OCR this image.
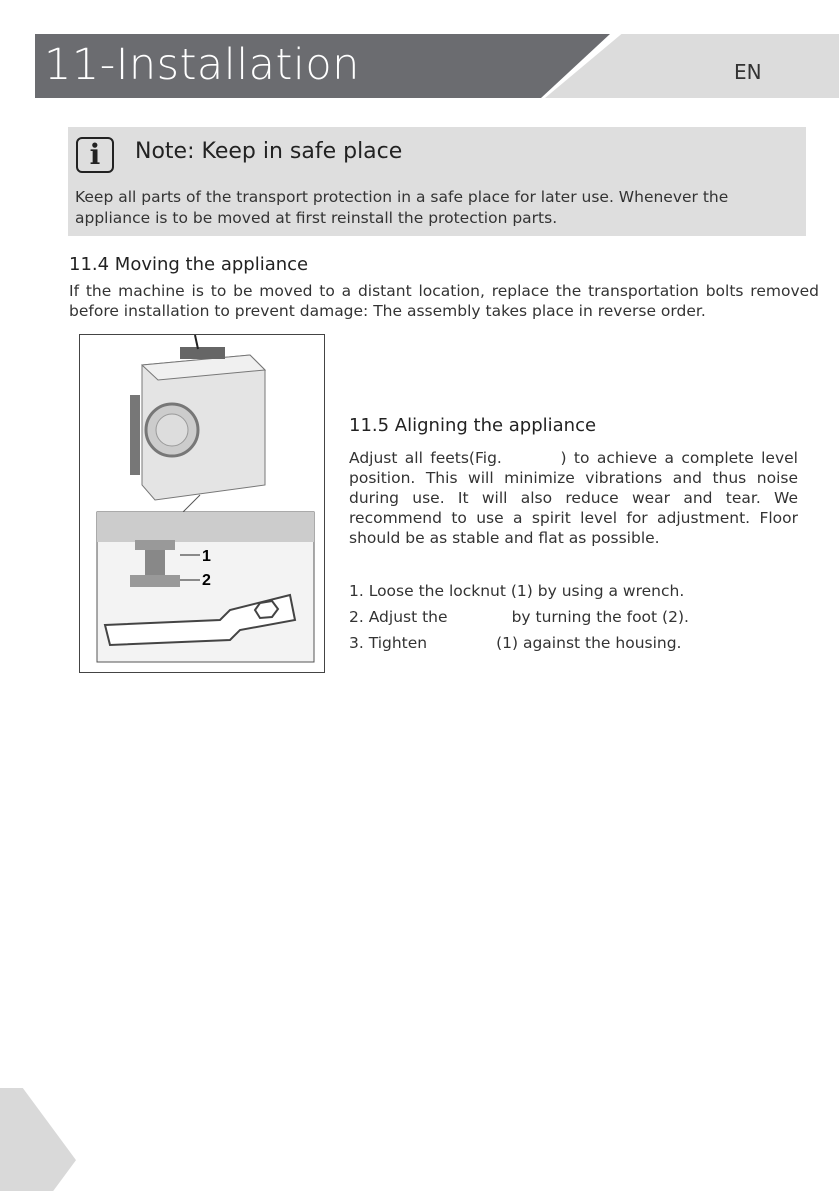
11-Installation	EN
i	Note: Keep in safe place
Keep all parts of the transport protection in a safe place for later use. Whenever the appliance is to be moved at first reinstall the protection parts.
11.4 Moving the appliance
If the machine is to be moved to a distant location, replace the transportation bolts removed before installation to prevent damage: The assembly takes place in reverse order.
1
2
11.5 Aligning the appliance
Adjust all feets(Fig.        ) to achieve a complete level position. This will minimize vibrations and thus noise during use. It will also reduce wear and tear. We recommend to use a spirit level for adjustment. Floor should be as stable and flat as possible.
1. Loose the locknut (1) by using a wrench.
2. Adjust the             by turning the foot (2).
3. Tighten              (1) against the housing.
